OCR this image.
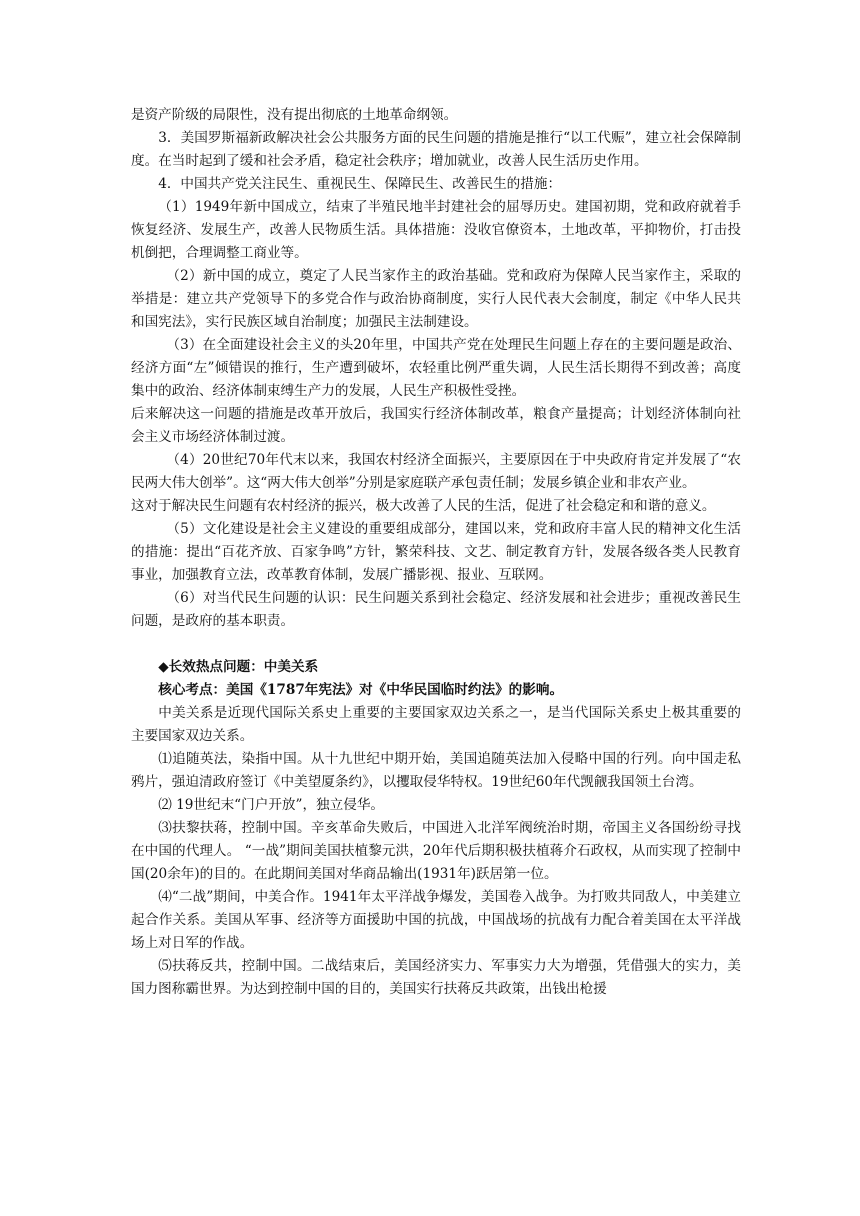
是资产阶级的局限性，没有提出彻底的土地革命纲领。

3．美国罗斯福新政解决社会公共服务方面的民生问题的措施是推行“以工代赈”，建立社会保障制度。在当时起到了缓和社会矛盾，稳定社会秩序；增加就业，改善人民生活历史作用。

4．中国共产党关注民生、重视民生、保障民生、改善民生的措施：

（1）1949年新中国成立，结束了半殖民地半封建社会的屈辱历史。建国初期，党和政府就着手恢复经济、发展生产，改善人民物质生活。具体措施：没收官僚资本，土地改革，平抑物价，打击投机倒把，合理调整工商业等。

（2）新中国的成立，奠定了人民当家作主的政治基础。党和政府为保障人民当家作主，采取的举措是：建立共产党领导下的多党合作与政治协商制度，实行人民代表大会制度，制定《中华人民共和国宪法》，实行民族区域自治制度；加强民主法制建设。

（3）在全面建设社会主义的头20年里，中国共产党在处理民生问题上存在的主要问题是政治、经济方面“左”倾错误的推行，生产遭到破坏，农轻重比例严重失调，人民生活长期得不到改善；高度集中的政治、经济体制束缚生产力的发展，人民生产积极性受挫。

后来解决这一问题的措施是改革开放后，我国实行经济体制改革，粮食产量提高；计划经济体制向社会主义市场经济体制过渡。

（4）20世纪70年代末以来，我国农村经济全面振兴，主要原因在于中央政府肯定并发展了“农民两大伟大创举”。这“两大伟大创举”分别是家庭联产承包责任制；发展乡镇企业和非农产业。

这对于解决民生问题有农村经济的振兴，极大改善了人民的生活，促进了社会稳定和和谐的意义。

（5）文化建设是社会主义建设的重要组成部分，建国以来，党和政府丰富人民的精神文化生活的措施：提出“百花齐放、百家争鸣”方针，繁荣科技、文艺、制定教育方针，发展各级各类人民教育事业，加强教育立法，改革教育体制，发展广播影视、报业、互联网。

（6）对当代民生问题的认识：民生问题关系到社会稳定、经济发展和社会进步；重视改善民生问题，是政府的基本职责。

◆长效热点问题：中美关系

核心考点：美国《1787年宪法》对《中华民国临时约法》的影响。

中美关系是近现代国际关系史上重要的主要国家双边关系之一，是当代国际关系史上极其重要的主要国家双边关系。

⑴追随英法，染指中国。从十九世纪中期开始，美国追随英法加入侵略中国的行列。向中国走私鸦片，强迫清政府签订《中美望厦条约》，以攫取侵华特权。19世纪60年代觊觎我国领土台湾。

⑵ 19世纪末“门户开放”，独立侵华。

⑶扶黎扶蒋，控制中国。辛亥革命失败后，中国进入北洋军阀统治时期，帝国主义各国纷纷寻找在中国的代理人。 “一战”期间美国扶植黎元洪，20年代后期积极扶植蒋介石政权，从而实现了控制中国(20余年)的目的。在此期间美国对华商品输出(1931年)跃居第一位。

⑷“二战”期间，中美合作。1941年太平洋战争爆发，美国卷入战争。为打败共同敌人，中美建立起合作关系。美国从军事、经济等方面援助中国的抗战，中国战场的抗战有力配合着美国在太平洋战场上对日军的作战。

⑸扶蒋反共，控制中国。二战结束后，美国经济实力、军事实力大为增强，凭借强大的实力，美国力图称霸世界。为达到控制中国的目的，美国实行扶蒋反共政策，出钱出枪援
